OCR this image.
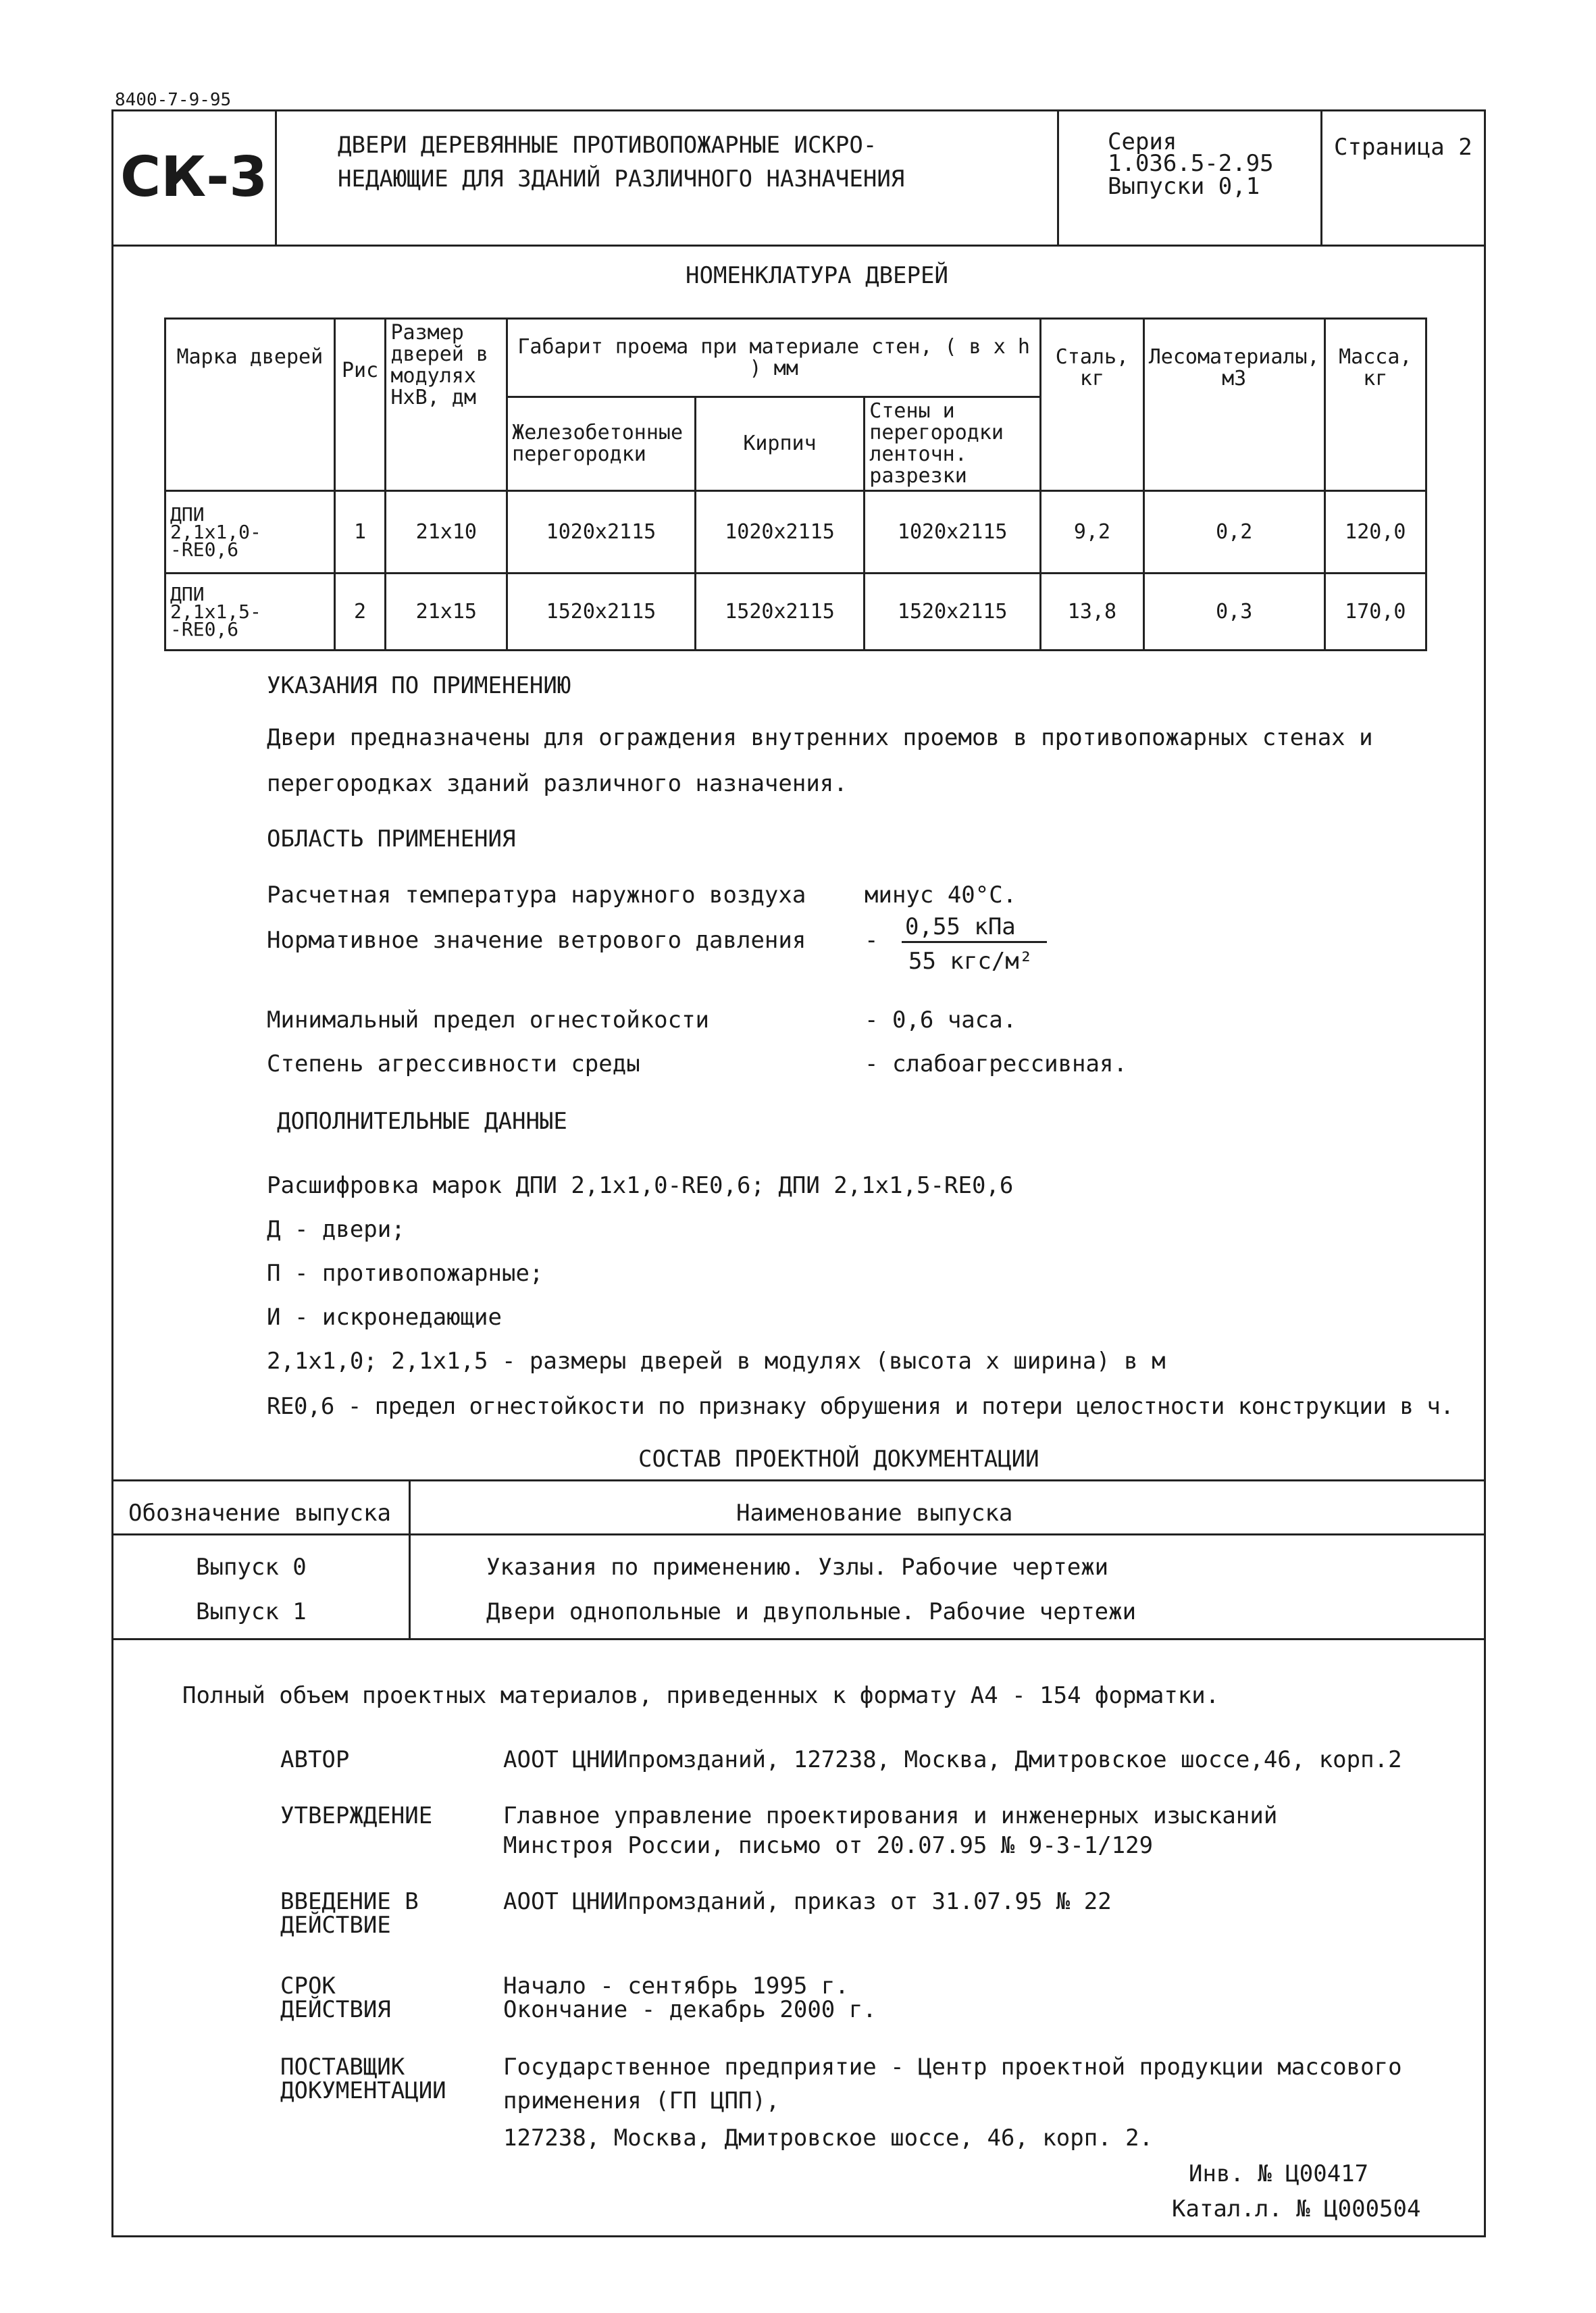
8400-7-9-95
СК-3	ДВЕРИ ДЕРЕВЯННЫЕ ПРОТИВОПОЖАРНЫЕ ИСКРО-
НЕДАЮЩИЕ ДЛЯ ЗДАНИЙ РАЗЛИЧНОГО НАЗНАЧЕНИЯ
Серия
1.036.5-2.95
Выпуски 0,1
Страница 2
НОМЕНКЛАТУРА ДВЕРЕЙ
Марка дверей	Рис	Размер дверей в модулях НхВ, дм	Габарит проема при материале стен, ( в х h ) мм			Сталь, кг	Лесоматериалы, м3	Масса, кг
			Железобетонные перегородки	Кирпич	Стены и перегородки ленточн. разрезки			

ДПИ
2,1х1,0-
-RE0,6	1	21х10	1020х2115	1020х2115	1020х2115	9,2	0,2	120,0

ДПИ
2,1х1,5-
-RE0,6	2	21х15	1520х2115	1520х2115	1520х2115	13,8	0,3	170,0
УКАЗАНИЯ ПО ПРИМЕНЕНИЮ
Двери предназначены для ограждения внутренних проемов в противопожарных стенах и
перегородках зданий различного назначения.
ОБЛАСТЬ ПРИМЕНЕНИЯ
Расчетная температура наружного воздуха	минус 40°С.
Нормативное значение ветрового давления	- 0,55 кПа
55 кгс/м²
Минимальный предел огнестойкости	- 0,6 часа.
Степень агрессивности среды	- слабоагрессивная.
ДОПОЛНИТЕЛЬНЫЕ ДАННЫЕ
Расшифровка марок ДПИ 2,1х1,0-RE0,6; ДПИ 2,1х1,5-RE0,6
Д - двери;
П - противопожарные;
И - искронедающие
2,1х1,0; 2,1х1,5 - размеры дверей в модулях (высота х ширина) в м
RE0,6 - предел огнестойкости по признаку обрушения и потери целостности конструкции в ч.
СОСТАВ ПРОЕКТНОЙ ДОКУМЕНТАЦИИ
Обозначение выпуска	Наименование выпуска
Выпуск 0	Указания по применению. Узлы. Рабочие чертежи
Выпуск 1	Двери однопольные и двупольные. Рабочие чертежи
Полный объем проектных материалов, приведенных к формату А4 - 154 форматки.
АВТОР	АООТ ЦНИИпромзданий, 127238, Москва, Дмитровское шоссе,46, корп.2
УТВЕРЖДЕНИЕ	Главное управление проектирования и инженерных изысканий
Минстроя России, письмо от 20.07.95 № 9-3-1/129
ВВЕДЕНИЕ В
ДЕЙСТВИЕ
АООТ ЦНИИпромзданий, приказ от 31.07.95 № 22
СРОК
ДЕЙСТВИЯ
Начало - сентябрь 1995 г.
Окончание - декабрь 2000 г.
ПОСТАВЩИК
ДОКУМЕНТАЦИИ
Государственное предприятие - Центр проектной продукции массового
применения (ГП ЦПП),
127238, Москва, Дмитровское шоссе, 46, корп. 2.
Инв. № Ц00417
Катал.л. № Ц000504
